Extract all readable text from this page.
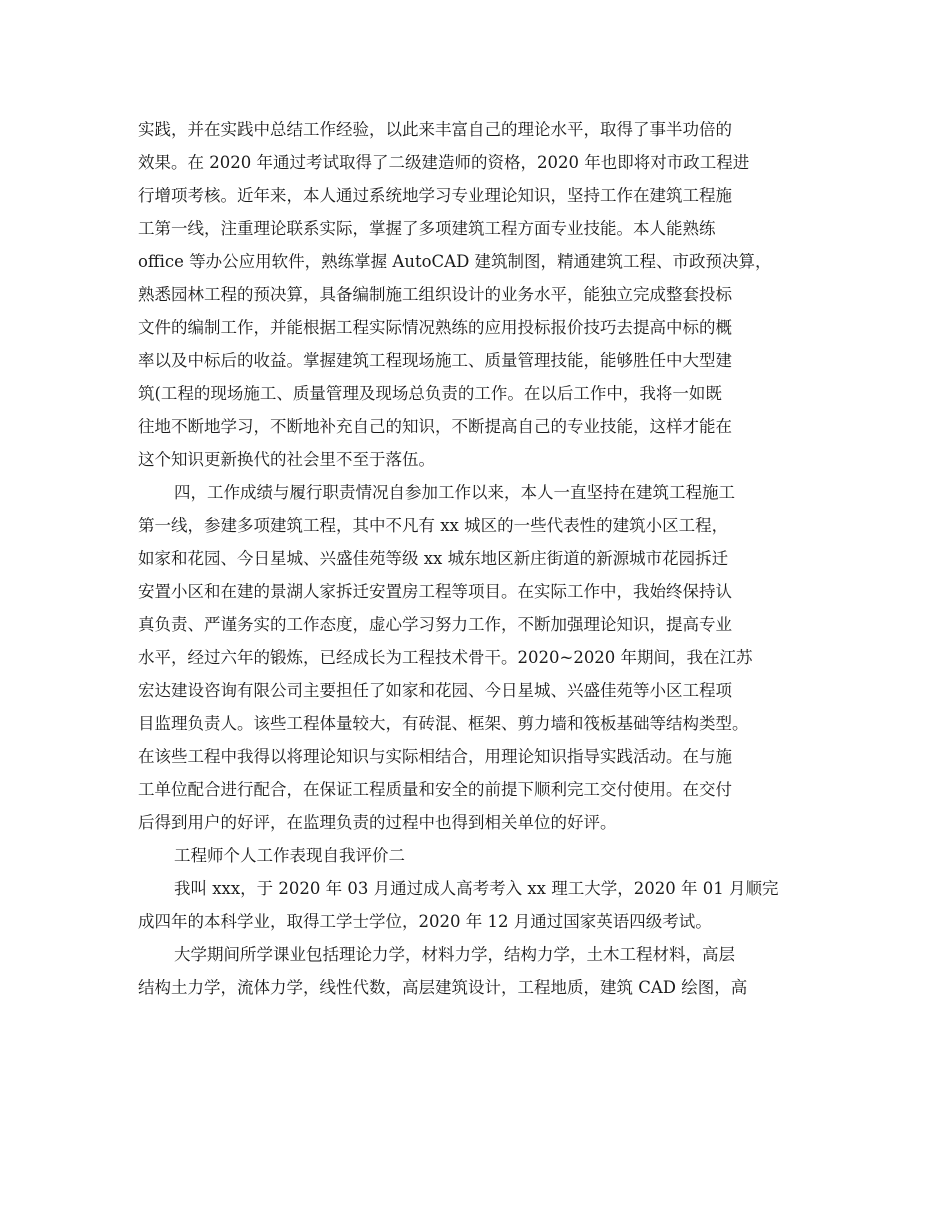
实践，并在实践中总结工作经验，以此来丰富自己的理论水平，取得了事半功倍的
效果。在 2020 年通过考试取得了二级建造师的资格，2020 年也即将对市政工程进
行增项考核。近年来，本人通过系统地学习专业理论知识，坚持工作在建筑工程施
工第一线，注重理论联系实际，掌握了多项建筑工程方面专业技能。本人能熟练
office 等办公应用软件，熟练掌握 AutoCAD 建筑制图，精通建筑工程、市政预决算，
熟悉园林工程的预决算，具备编制施工组织设计的业务水平，能独立完成整套投标
文件的编制工作，并能根据工程实际情况熟练的应用投标报价技巧去提高中标的概
率以及中标后的收益。掌握建筑工程现场施工、质量管理技能，能够胜任中大型建
筑(工程的现场施工、质量管理及现场总负责的工作。在以后工作中，我将一如既
往地不断地学习，不断地补充自己的知识，不断提高自己的专业技能，这样才能在
这个知识更新换代的社会里不至于落伍。
四，工作成绩与履行职责情况自参加工作以来，本人一直坚持在建筑工程施工
第一线，参建多项建筑工程，其中不凡有 xx 城区的一些代表性的建筑小区工程，
如家和花园、今日星城、兴盛佳苑等级 xx 城东地区新庄街道的新源城市花园拆迁
安置小区和在建的景湖人家拆迁安置房工程等项目。在实际工作中，我始终保持认
真负责、严谨务实的工作态度，虚心学习努力工作，不断加强理论知识，提高专业
水平，经过六年的锻炼，已经成长为工程技术骨干。2020~2020 年期间，我在江苏
宏达建设咨询有限公司主要担任了如家和花园、今日星城、兴盛佳苑等小区工程项
目监理负责人。该些工程体量较大，有砖混、框架、剪力墙和筏板基础等结构类型。
在该些工程中我得以将理论知识与实际相结合，用理论知识指导实践活动。在与施
工单位配合进行配合，在保证工程质量和安全的前提下顺利完工交付使用。在交付
后得到用户的好评，在监理负责的过程中也得到相关单位的好评。
工程师个人工作表现自我评价二
我叫 xxx，于 2020 年 03 月通过成人高考考入 xx 理工大学，2020 年 01 月顺完
成四年的本科学业，取得工学士学位，2020 年 12 月通过国家英语四级考试。
大学期间所学课业包括理论力学，材料力学，结构力学，土木工程材料，高层
结构土力学，流体力学，线性代数，高层建筑设计，工程地质，建筑 CAD 绘图，高
